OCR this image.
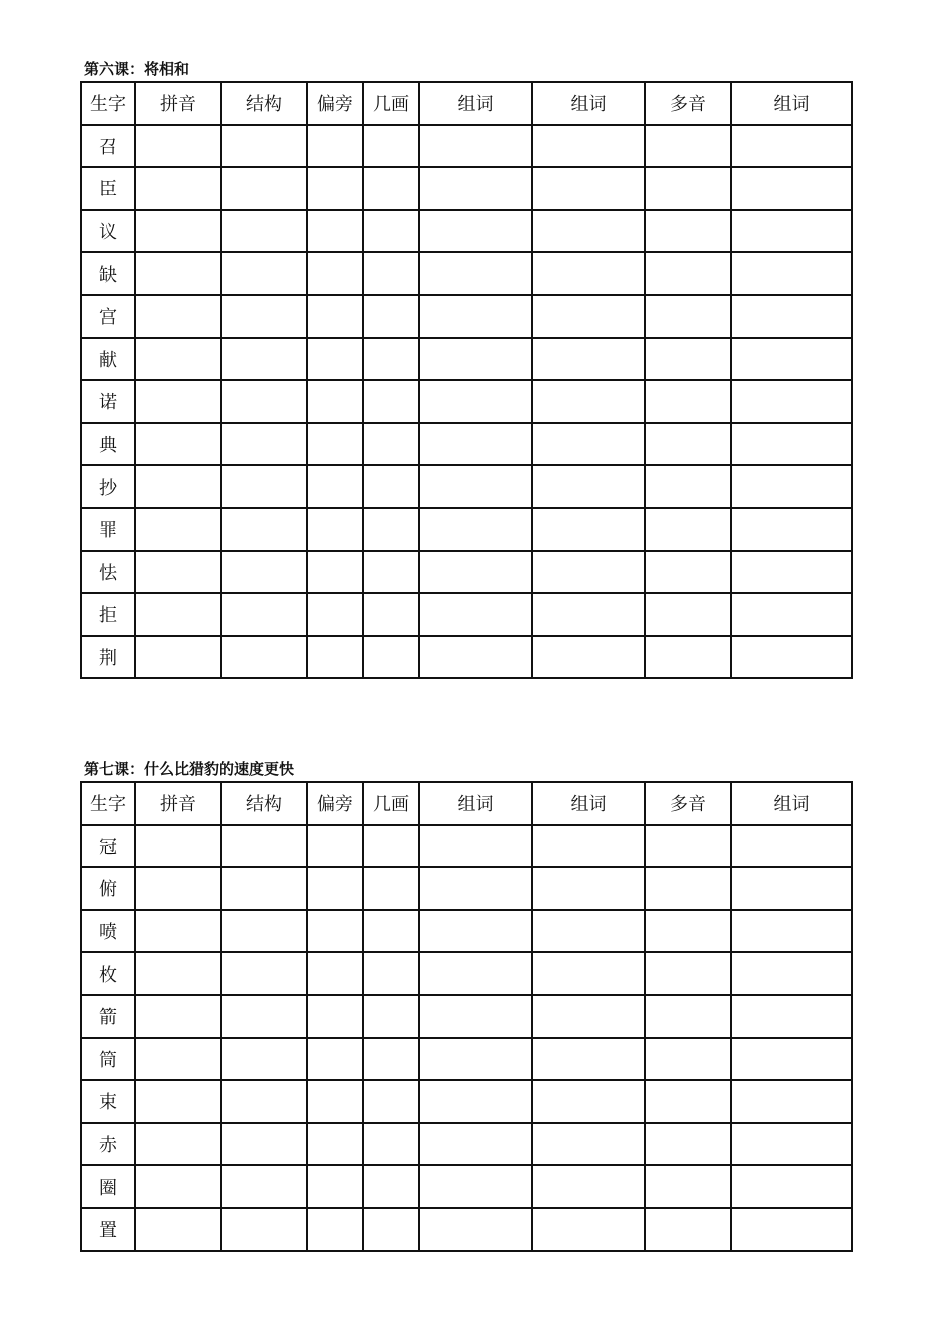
第六课：将相和
生字	拼音	结构	偏旁	几画	组词	组词	多音	组词
召								
臣								
议								
缺								
宫								
献								
诺								
典								
抄								
罪								
怯								
拒								
荆								
第七课：什么比猎豹的速度更快
生字	拼音	结构	偏旁	几画	组词	组词	多音	组词
冠								
俯								
喷								
枚								
箭								
筒								
束								
赤								
圈								
置								
